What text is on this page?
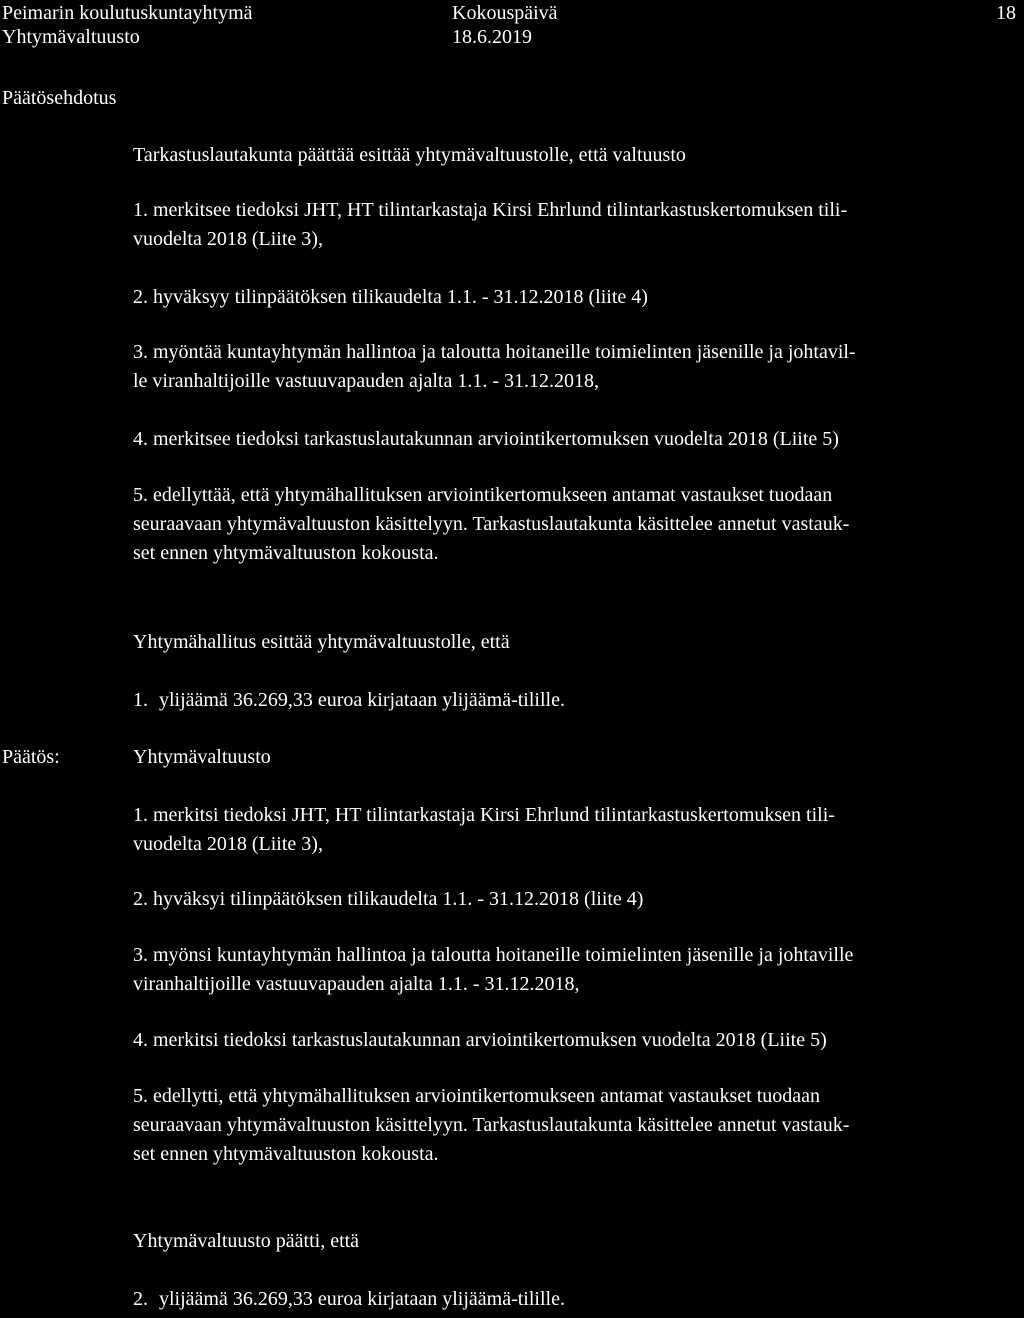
Peimarin koulutuskuntayhtymä
Yhtymävaltuusto
Kokouspäivä
18.6.2019
18
Päätösehdotus
Tarkastuslautakunta päättää esittää yhtymävaltuustolle, että valtuusto
1. merkitsee tiedoksi JHT, HT tilintarkastaja Kirsi Ehrlund tilintarkastuskertomuksen tili-
vuodelta 2018 (Liite 3),
2. hyväksyy tilinpäätöksen tilikaudelta 1.1. - 31.12.2018 (liite 4)
3. myöntää kuntayhtymän hallintoa ja taloutta hoitaneille toimielinten jäsenille ja johtavil-
le viranhaltijoille vastuuvapauden ajalta 1.1. - 31.12.2018,
4. merkitsee tiedoksi tarkastuslautakunnan arviointikertomuksen vuodelta 2018 (Liite 5)
5. edellyttää, että yhtymähallituksen arviointikertomukseen antamat vastaukset tuodaan
seuraavaan yhtymävaltuuston käsittelyyn. Tarkastuslautakunta käsittelee annetut vastauk-
set ennen yhtymävaltuuston kokousta.
Yhtymähallitus esittää yhtymävaltuustolle, että
1. ylijäämä 36.269,33 euroa kirjataan ylijäämä-tilille.
Päätös:	Yhtymävaltuusto
1. merkitsi tiedoksi JHT, HT tilintarkastaja Kirsi Ehrlund tilintarkastuskertomuksen tili-
vuodelta 2018 (Liite 3),
2. hyväksyi tilinpäätöksen tilikaudelta 1.1. - 31.12.2018 (liite 4)
3. myönsi kuntayhtymän hallintoa ja taloutta hoitaneille toimielinten jäsenille ja johtaville
viranhaltijoille vastuuvapauden ajalta 1.1. - 31.12.2018,
4. merkitsi tiedoksi tarkastuslautakunnan arviointikertomuksen vuodelta 2018 (Liite 5)
5. edellytti, että yhtymähallituksen arviointikertomukseen antamat vastaukset tuodaan
seuraavaan yhtymävaltuuston käsittelyyn. Tarkastuslautakunta käsittelee annetut vastauk-
set ennen yhtymävaltuuston kokousta.
Yhtymävaltuusto päätti, että
2. ylijäämä 36.269,33 euroa kirjataan ylijäämä-tilille.
